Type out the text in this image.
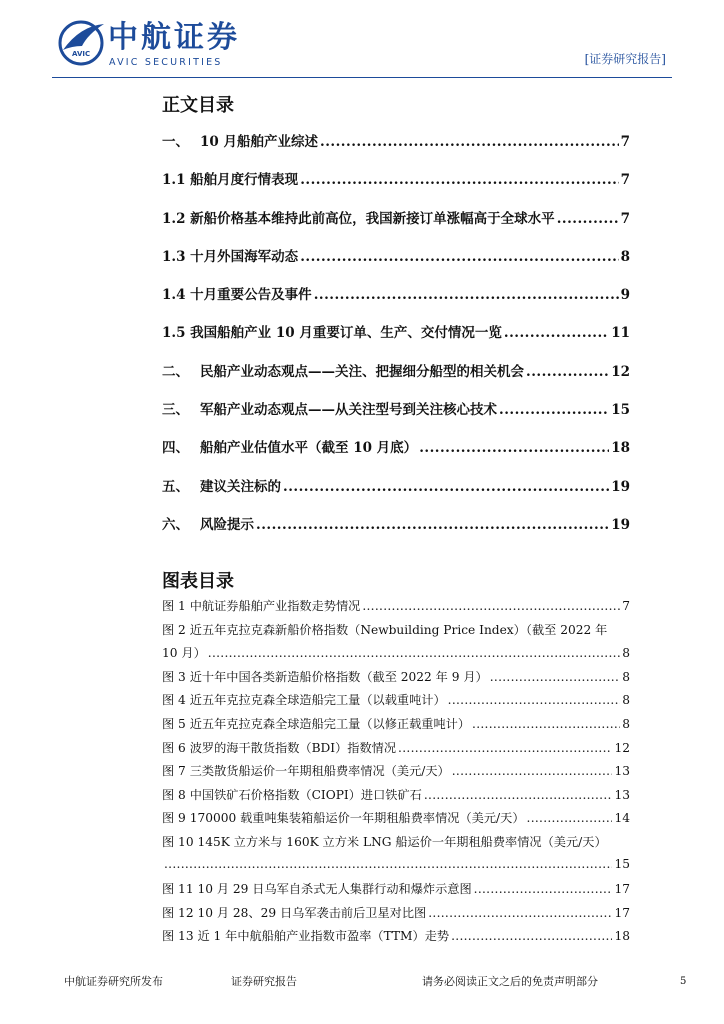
AVIC 中航证券
AVIC SECURITIES	[证券研究报告]
正文目录
一、 10 月船舶产业综述 .....	7
1.1 船舶月度行情表现 .....	7
1.2 新船价格基本维持此前高位，我国新接订单涨幅高于全球水平 .....	7
1.3 十月外国海军动态 .....	8
1.4 十月重要公告及事件 .....	9
1.5 我国船舶产业 10 月重要订单、生产、交付情况一览 .....	11
二、 民船产业动态观点——关注、把握细分船型的相关机会 .....	12
三、 军船产业动态观点——从关注型号到关注核心技术 .....	15
四、 船舶产业估值水平（截至 10 月底） .....	18
五、 建议关注标的 .....	19
六、 风险提示 .....	19
图表目录
图 1 中航证券船舶产业指数走势情况 .....	7
图 2 近五年克拉克森新船价格指数（Newbuilding Price Index）（截至 2022 年
10 月） .....	8
图 3 近十年中国各类新造船价格指数（截至 2022 年 9 月） .....	8
图 4 近五年克拉克森全球造船完工量（以载重吨计） .....	8
图 5 近五年克拉克森全球造船完工量（以修正载重吨计） .....	8
图 6 波罗的海干散货指数（BDI）指数情况 .....	12
图 7 三类散货船运价一年期租船费率情况（美元/天） .....	13
图 8 中国铁矿石价格指数（CIOPI）进口铁矿石 .....	13
图 9 170000 载重吨集装箱船运价一年期租船费率情况（美元/天） .....	14
图 10 145K 立方米与 160K 立方米 LNG 船运价一年期租船费率情况（美元/天）
.....
15
图 11 10 月 29 日乌军自杀式无人集群行动和爆炸示意图 .....	17
图 12 10 月 28、29 日乌军袭击前后卫星对比图 .....	17
图 13 近 1 年中航船舶产业指数市盈率（TTM）走势 .....	18
中航证券研究所发布	证券研究报告	请务必阅读正文之后的免责声明部分	5
